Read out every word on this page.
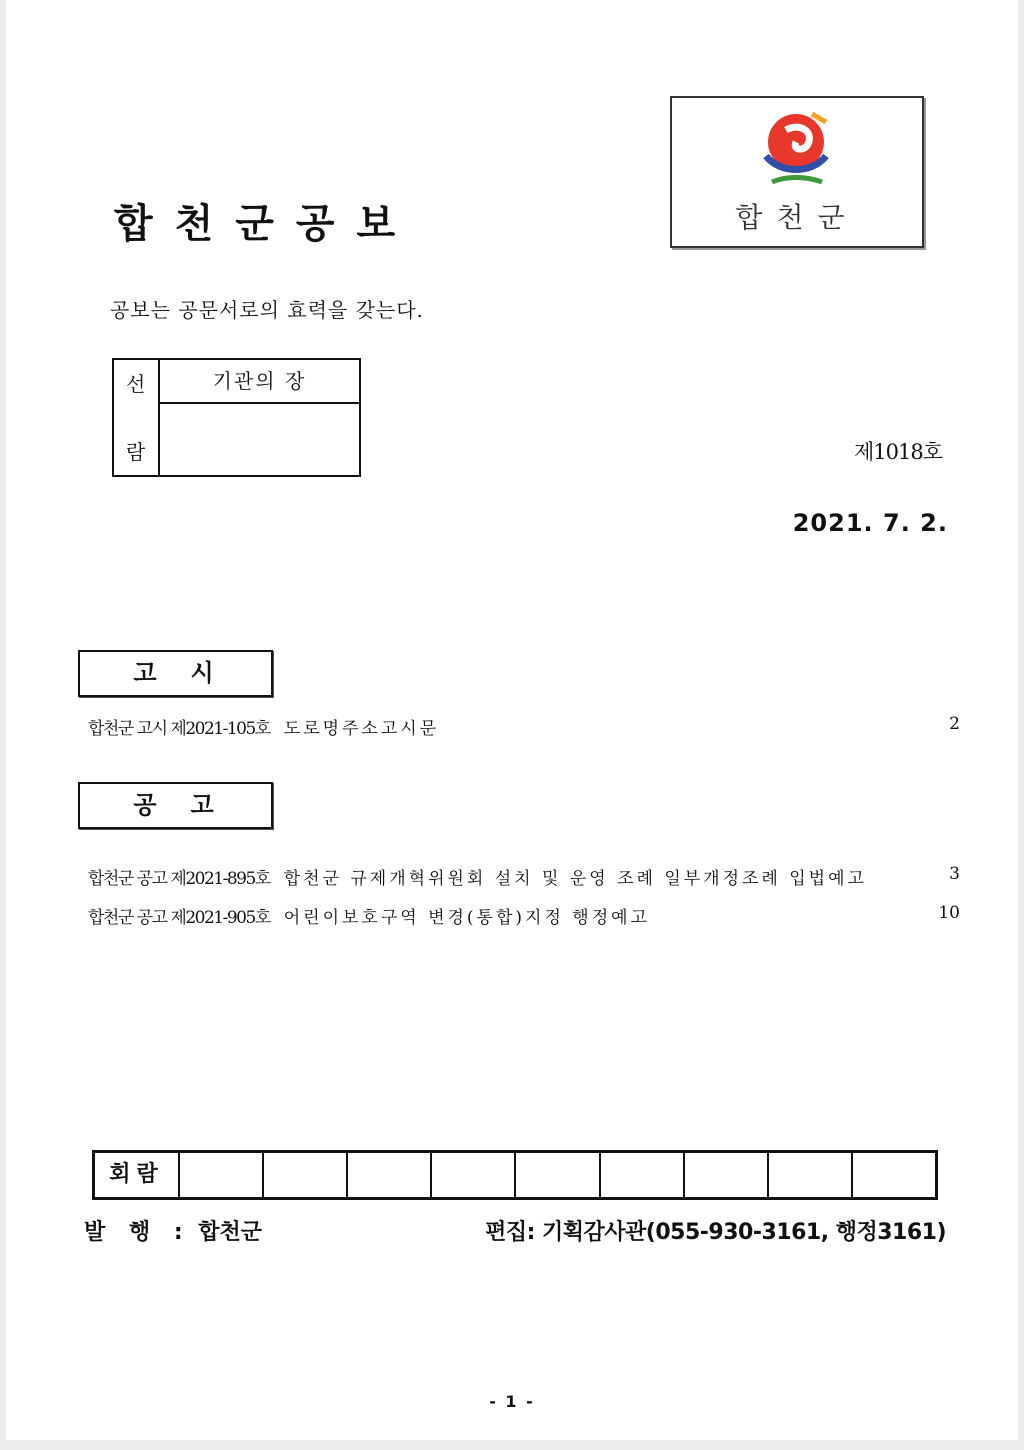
합천군공보	합천군
공보는 공문서로의 효력을 갖는다.
선
람
기관의 장
제1018호
2021. 7. 2.
고시
합천군 고시 제2021-105호 도로명주소고시문	2
공고
합천군 공고 제2021-895호 합천군 규제개혁위원회 설치 및 운영 조례 일부개정조례 입법예고	3
합천군 공고 제2021-905호 어린이보호구역 변경(통합)지정 행정예고	10
회람
발 행 : 합천군	편집: 기획감사관(055-930-3161, 행정3161)
- 1 -
